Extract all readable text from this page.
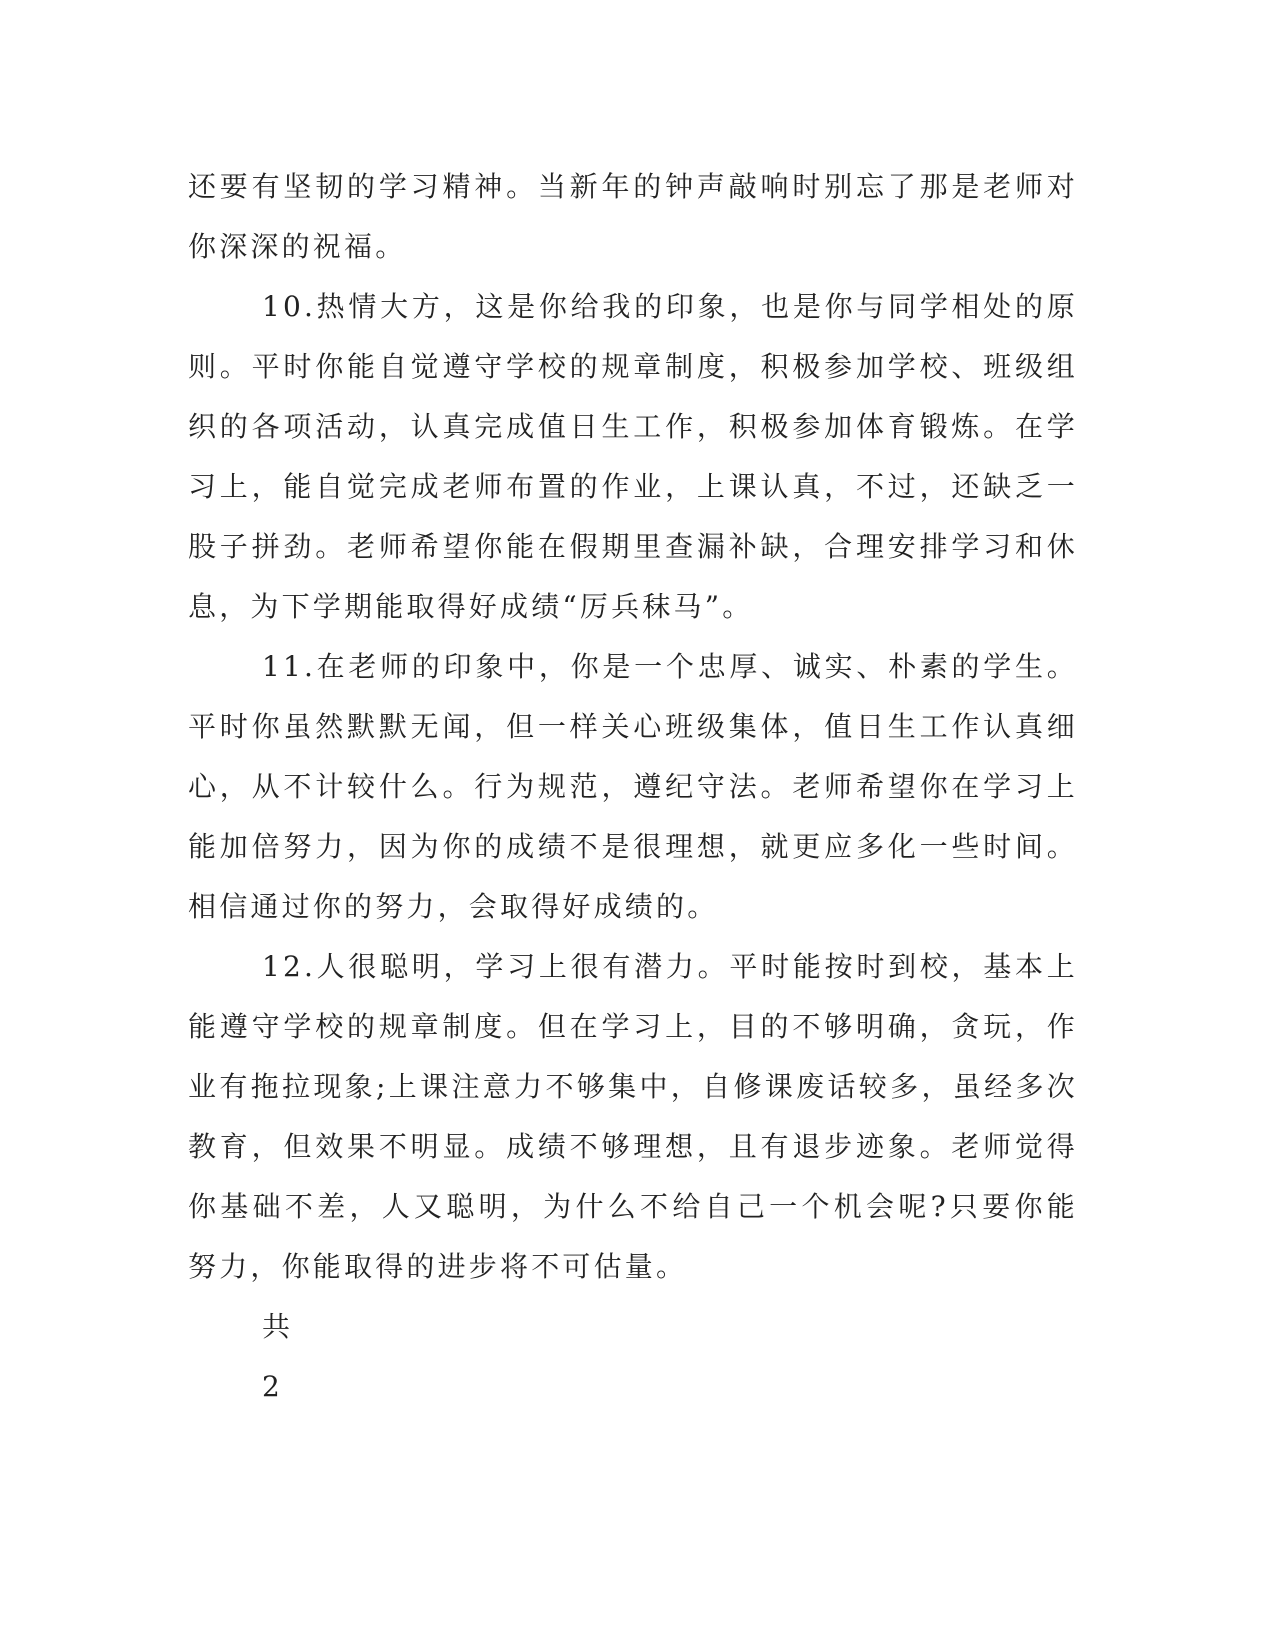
还要有坚韧的学习精神。当新年的钟声敲响时别忘了那是老师对你深深的祝福。

10.热情大方，这是你给我的印象，也是你与同学相处的原则。平时你能自觉遵守学校的规章制度，积极参加学校、班级组织的各项活动，认真完成值日生工作，积极参加体育锻炼。在学习上，能自觉完成老师布置的作业，上课认真，不过，还缺乏一股子拼劲。老师希望你能在假期里查漏补缺，合理安排学习和休息，为下学期能取得好成绩“厉兵秣马”。

11.在老师的印象中，你是一个忠厚、诚实、朴素的学生。平时你虽然默默无闻，但一样关心班级集体，值日生工作认真细心，从不计较什么。行为规范，遵纪守法。老师希望你在学习上能加倍努力，因为你的成绩不是很理想，就更应多化一些时间。相信通过你的努力，会取得好成绩的。

12.人很聪明，学习上很有潜力。平时能按时到校，基本上能遵守学校的规章制度。但在学习上，目的不够明确，贪玩，作业有拖拉现象;上课注意力不够集中，自修课废话较多，虽经多次教育，但效果不明显。成绩不够理想，且有退步迹象。老师觉得你基础不差，人又聪明，为什么不给自己一个机会呢?只要你能努力，你能取得的进步将不可估量。

共

2
